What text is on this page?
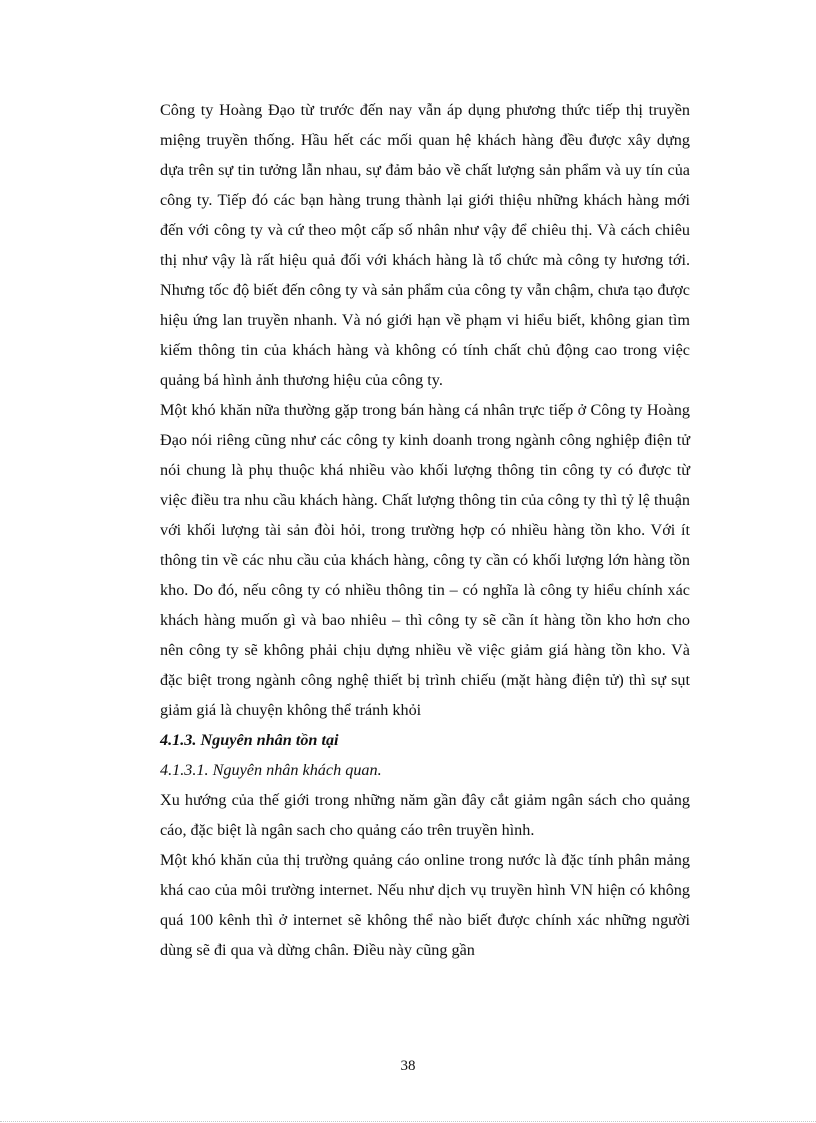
Công ty Hoàng Đạo từ trước đến nay vẫn áp dụng phương thức tiếp thị truyền miệng truyền thống. Hầu hết các mối quan hệ khách hàng đều được xây dựng dựa trên sự tin tưởng lẫn nhau, sự đảm bảo về chất lượng sản phẩm và uy tín của công ty. Tiếp đó các bạn hàng trung thành lại giới thiệu những khách hàng mới đến với công ty và cứ theo một cấp số nhân như vậy để chiêu thị. Và cách chiêu thị như vậy là rất hiệu quả đối với khách hàng là tổ chức mà công ty hương tới. Nhưng tốc độ biết đến công ty và sản phẩm của công ty vẫn chậm, chưa tạo được hiệu ứng lan truyền nhanh. Và nó giới hạn về phạm vi hiểu biết, không gian tìm kiếm thông tin của khách hàng và không có tính chất chủ động cao trong việc quảng bá hình ảnh thương hiệu của công ty.

Một khó khăn nữa thường gặp trong bán hàng cá nhân trực tiếp ở Công ty Hoàng Đạo nói riêng cũng như các công ty kinh doanh trong ngành công nghiệp điện tử nói chung là phụ thuộc khá nhiều vào khối lượng thông tin công ty có được từ việc điều tra nhu cầu khách hàng. Chất lượng thông tin của công ty thì tỷ lệ thuận với khối lượng tài sản đòi hỏi, trong trường hợp có nhiều hàng tồn kho. Với ít thông tin về các nhu cầu của khách hàng, công ty cần có khối lượng lớn hàng tồn kho. Do đó, nếu công ty có nhiều thông tin – có nghĩa là công ty hiểu chính xác khách hàng muốn gì và bao nhiêu – thì công ty sẽ cần ít hàng tồn kho hơn cho nên công ty sẽ không phải chịu dựng nhiều về việc giảm giá hàng tồn kho. Và đặc biệt trong ngành công nghệ thiết bị trình chiếu (mặt hàng điện tử) thì sự sụt giảm giá là chuyện không thể tránh khỏi

4.1.3. Nguyên nhân tồn tại

4.1.3.1. Nguyên nhân khách quan.

Xu hướng của thế giới trong những năm gần đây cắt giảm ngân sách cho quảng cáo, đặc biệt là ngân sach cho quảng cáo trên truyền hình.

Một khó khăn của thị trường quảng cáo online trong nước là đặc tính phân mảng khá cao của môi trường internet. Nếu như dịch vụ truyền hình VN hiện có không quá 100 kênh thì ở internet sẽ không thể nào biết được chính xác những người dùng sẽ đi qua và dừng chân. Điều này cũng gần

38
